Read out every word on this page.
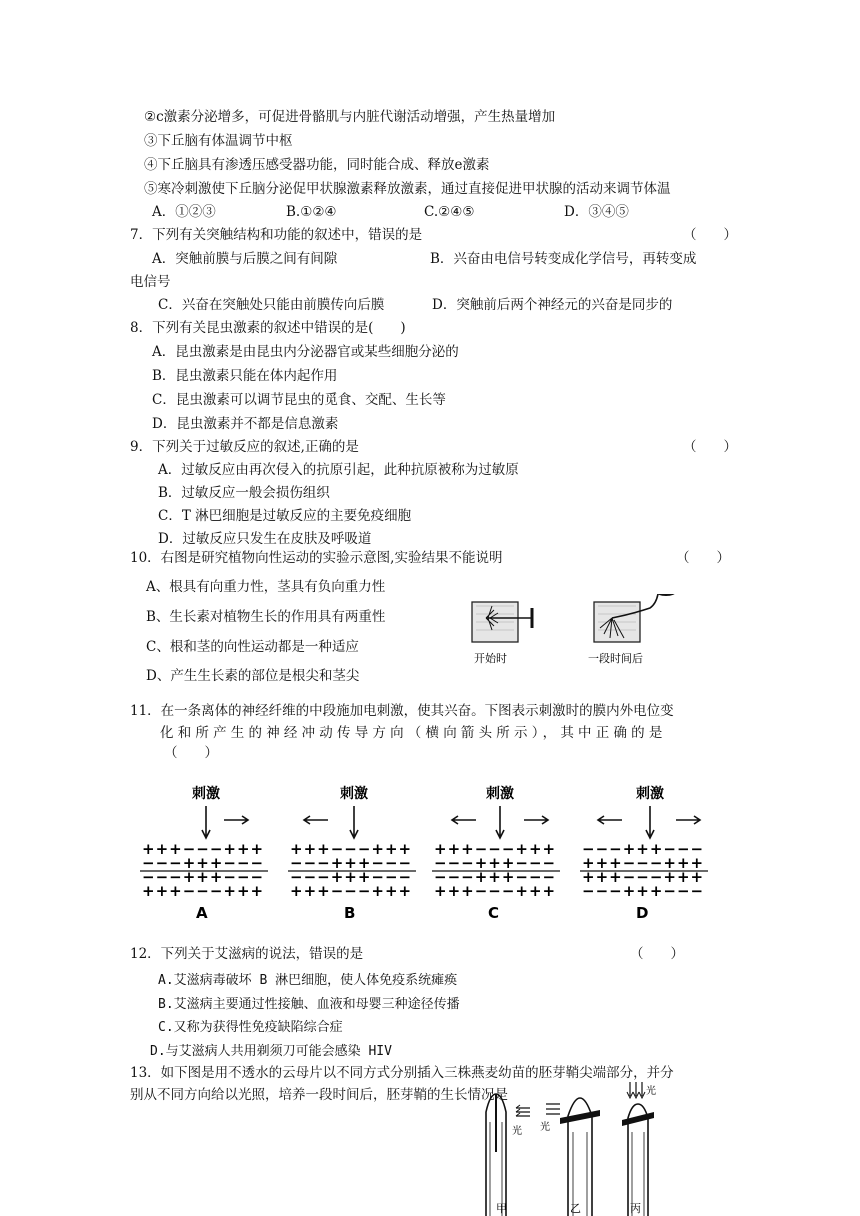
②c激素分泌增多，可促进骨骼肌与内脏代谢活动增强，产生热量增加
③下丘脑有体温调节中枢
④下丘脑具有渗透压感受器功能，同时能合成、释放e激素
⑤寒冷刺激使下丘脑分泌促甲状腺激素释放激素，通过直接促进甲状腺的活动来调节体温
A．①②③	B.①②④	C.②④⑤	D．③④⑤
7．下列有关突触结构和功能的叙述中，错误的是	（　　）
A．突触前膜与后膜之间有间隙	B．兴奋由电信号转变成化学信号，再转变成
电信号
C．兴奋在突触处只能由前膜传向后膜	D．突触前后两个神经元的兴奋是同步的
8．下列有关昆虫激素的叙述中错误的是(　　)
A．昆虫激素是由昆虫内分泌器官或某些细胞分泌的
B．昆虫激素只能在体内起作用
C．昆虫激素可以调节昆虫的觅食、交配、生长等
D．昆虫激素并不都是信息激素
9．下列关于过敏反应的叙述,正确的是	（　　）
A．过敏反应由再次侵入的抗原引起，此种抗原被称为过敏原
B．过敏反应一般会损伤组织
C．T 淋巴细胞是过敏反应的主要免疫细胞
D．过敏反应只发生在皮肤及呼吸道
10．右图是研究植物向性运动的实验示意图,实验结果不能说明	（　　）
A、根具有向重力性，茎具有负向重力性
B、生长素对植物生长的作用具有两重性
C、根和茎的向性运动都是一种适应
D、产生生长素的部位是根尖和茎尖
开始时	一段时间后
11．在一条离体的神经纤维的中段施加电刺激，使其兴奋。下图表示刺激时的膜内外电位变
化和所产生的神经冲动传导方向（横向箭头所示），其中正确的是
（　　）
刺激
+++−−−+++
−−−+++−−−
−−−+++−−−
+++−−−+++
A
刺激
+++−−−+++
−−−+++−−−
−−−+++−−−
+++−−−+++
B
刺激
+++−−−+++
−−−+++−−−
−−−+++−−−
+++−−−+++
C
刺激
−−−+++−−−
+++−−−+++
+++−−−+++
−−−+++−−−
D
12．下列关于艾滋病的说法，错误的是	（　　）
A.艾滋病毒破坏 B 淋巴细胞，使人体免疫系统瘫痪
B.艾滋病主要通过性接触、血液和母婴三种途径传播
C.又称为获得性免疫缺陷综合症
D.与艾滋病人共用剃须刀可能会感染 HIV
13．如下图是用不透水的云母片以不同方式分别插入三株燕麦幼苗的胚芽鞘尖端部分，并分
别从不同方向给以光照，培养一段时间后，胚芽鞘的生长情况是
光
甲
光
乙
光
丙
